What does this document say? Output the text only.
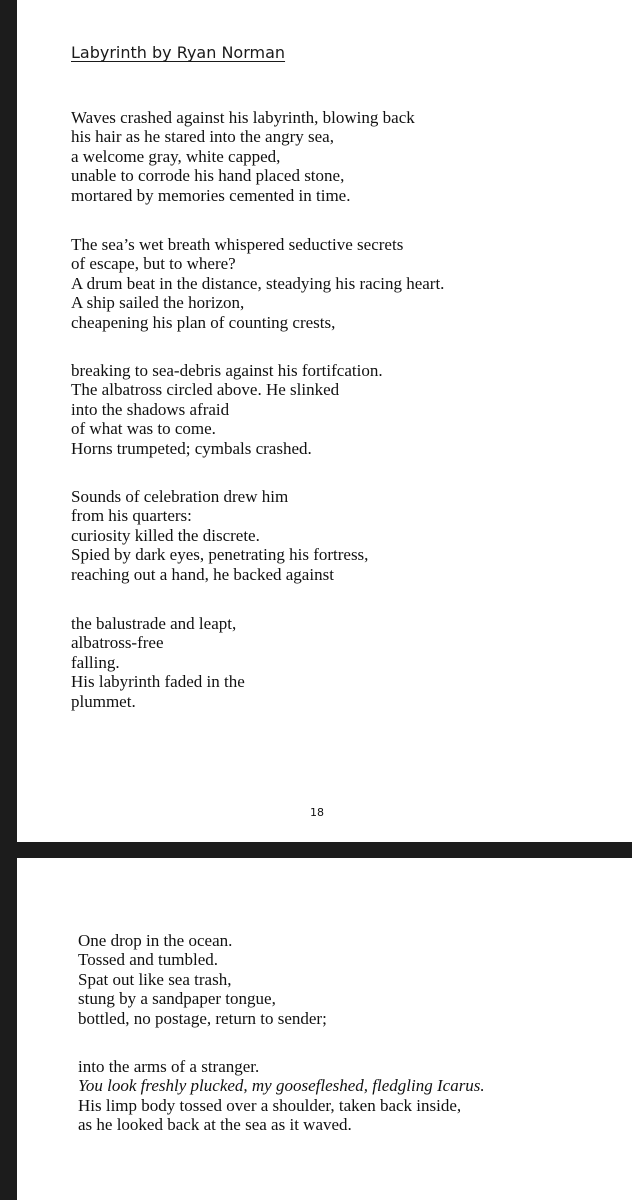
Labyrinth by Ryan Norman
Waves crashed against his labyrinth, blowing back
his hair as he stared into the angry sea,
a welcome gray, white capped,
unable to corrode his hand placed stone,
mortared by memories cemented in time.
The sea’s wet breath whispered seductive secrets
of escape, but to where?
A drum beat in the distance, steadying his racing heart.
A ship sailed the horizon,
cheapening his plan of counting crests,
breaking to sea-debris against his fortifcation.
The albatross circled above. He slinked
into the shadows afraid
of what was to come.
Horns trumpeted; cymbals crashed.
Sounds of celebration drew him
from his quarters:
curiosity killed the discrete.
Spied by dark eyes, penetrating his fortress,
reaching out a hand, he backed against
the balustrade and leapt,
albatross-free
falling.
His labyrinth faded in the
plummet.
18
One drop in the ocean.
Tossed and tumbled.
Spat out like sea trash,
stung by a sandpaper tongue,
bottled, no postage, return to sender;
into the arms of a stranger.
You look freshly plucked, my goosefleshed, fledgling Icarus.
His limp body tossed over a shoulder, taken back inside,
as he looked back at the sea as it waved.
